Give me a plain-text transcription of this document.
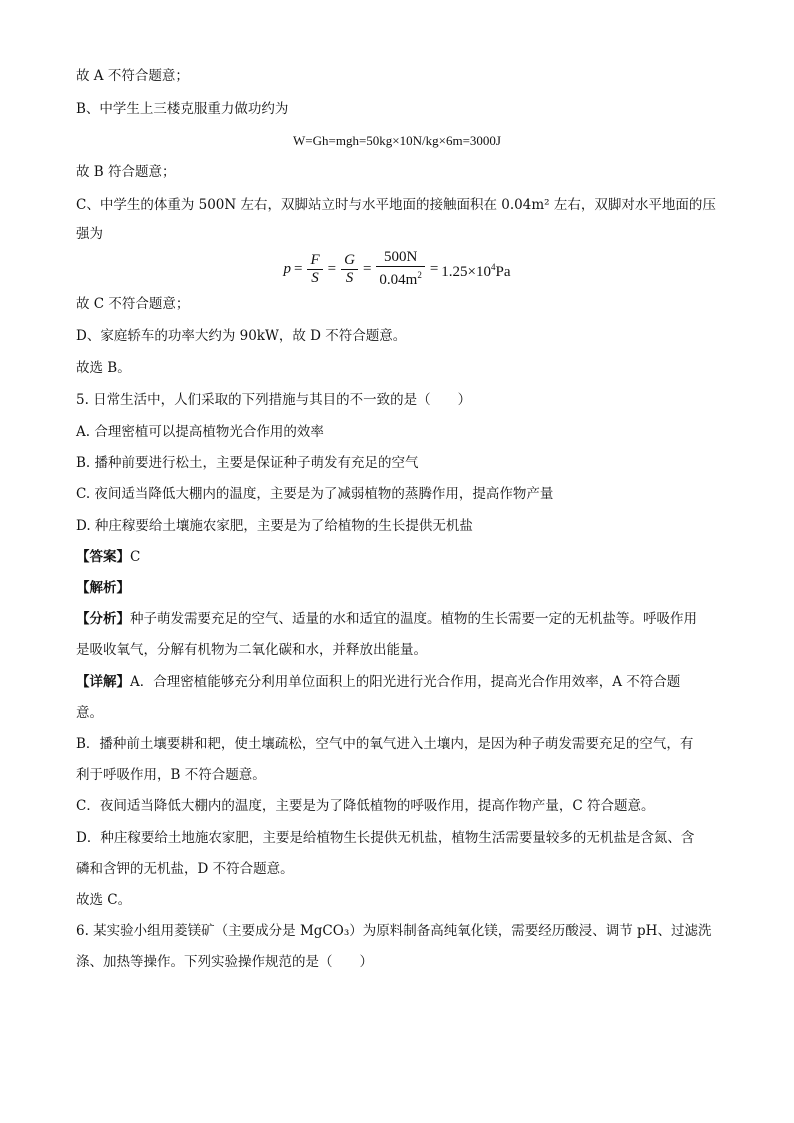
故 A 不符合题意；
B、中学生上三楼克服重力做功约为
W=Gh=mgh=50kg×10N/kg×6m=3000J
故 B 符合题意；
C、中学生的体重为 500N 左右，双脚站立时与水平地面的接触面积在 0.04m² 左右，双脚对水平地面的压
强为
$p = \frac{F}{S} = \frac{G}{S} = \frac{500N}{0.04m^2} = 1.25\times 10^4Pa$
故 C 不符合题意；
D、家庭轿车的功率大约为 90kW，故 D 不符合题意。
故选 B。
5. 日常生活中，人们采取的下列措施与其目的不一致的是（　　）
A. 合理密植可以提高植物光合作用的效率
B. 播种前要进行松土，主要是保证种子萌发有充足的空气
C. 夜间适当降低大棚内的温度，主要是为了减弱植物的蒸腾作用，提高作物产量
D. 种庄稼要给土壤施农家肥，主要是为了给植物的生长提供无机盐
【答案】C
【解析】
【分析】种子萌发需要充足的空气、适量的水和适宜的温度。植物的生长需要一定的无机盐等。呼吸作用
是吸收氧气，分解有机物为二氧化碳和水，并释放出能量。
【详解】A．合理密植能够充分利用单位面积上的阳光进行光合作用，提高光合作用效率，A 不符合题
意。
B．播种前土壤要耕和耙，使土壤疏松，空气中的氧气进入土壤内，是因为种子萌发需要充足的空气，有
利于呼吸作用，B 不符合题意。
C．夜间适当降低大棚内的温度，主要是为了降低植物的呼吸作用，提高作物产量，C 符合题意。
D．种庄稼要给土地施农家肥，主要是给植物生长提供无机盐，植物生活需要量较多的无机盐是含氮、含
磷和含钾的无机盐，D 不符合题意。
故选 C。
6. 某实验小组用菱镁矿（主要成分是 MgCO₃）为原料制备高纯氧化镁，需要经历酸浸、调节 pH、过滤洗
涤、加热等操作。下列实验操作规范的是（　　）
